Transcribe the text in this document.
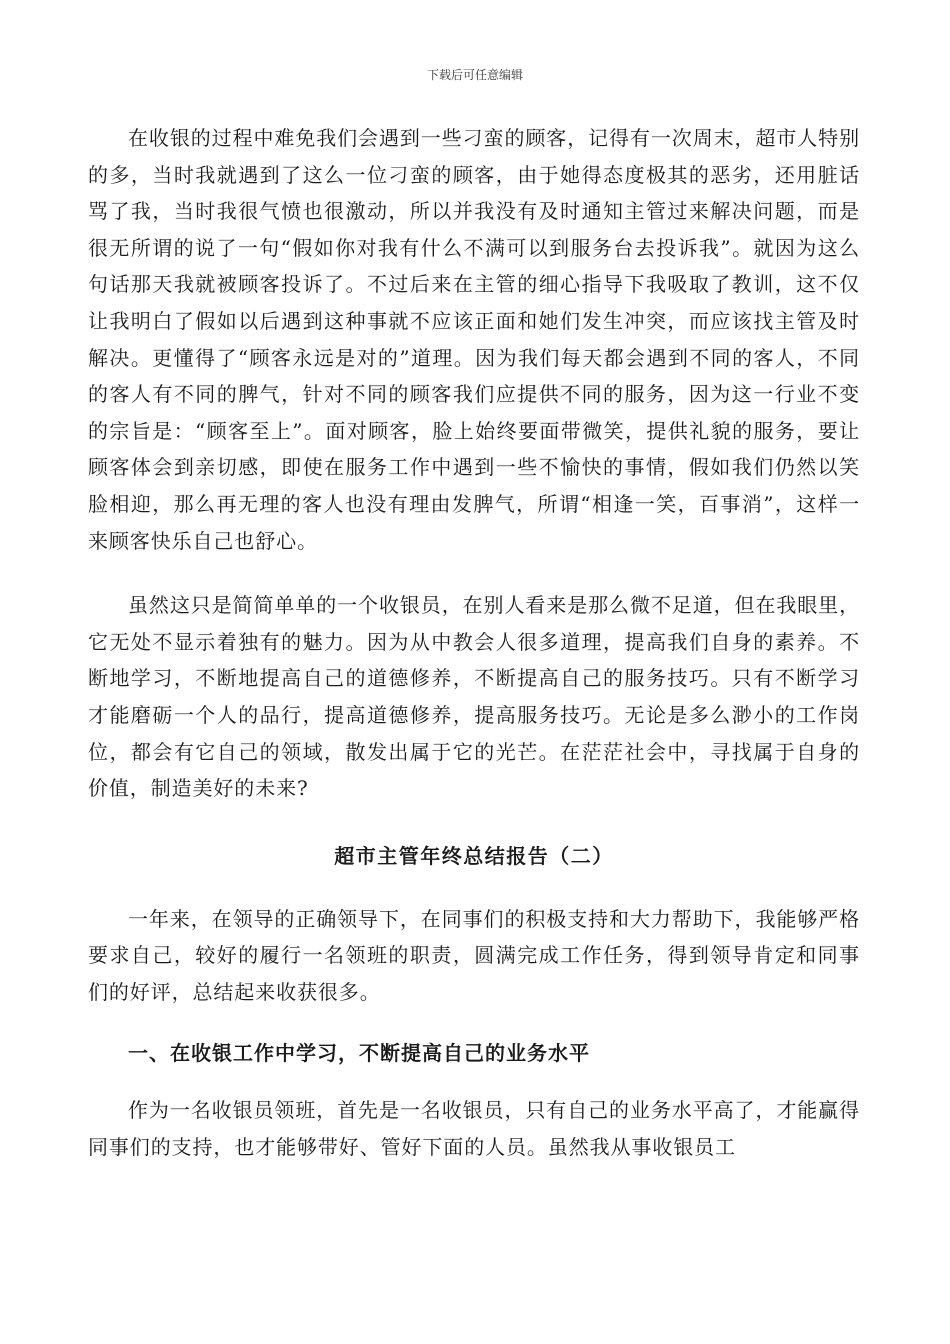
下载后可任意编辑

在收银的过程中难免我们会遇到一些刁蛮的顾客，记得有一次周末，超市人特别的多，当时我就遇到了这么一位刁蛮的顾客，由于她得态度极其的恶劣，还用脏话骂了我，当时我很气愤也很激动，所以并我没有及时通知主管过来解决问题，而是很无所谓的说了一句“假如你对我有什么不满可以到服务台去投诉我”。就因为这么句话那天我就被顾客投诉了。不过后来在主管的细心指导下我吸取了教训，这不仅让我明白了假如以后遇到这种事就不应该正面和她们发生冲突，而应该找主管及时解决。更懂得了“顾客永远是对的”道理。因为我们每天都会遇到不同的客人，不同的客人有不同的脾气，针对不同的顾客我们应提供不同的服务，因为这一行业不变的宗旨是：“顾客至上”。面对顾客，脸上始终要面带微笑，提供礼貌的服务，要让顾客体会到亲切感，即使在服务工作中遇到一些不愉快的事情，假如我们仍然以笑脸相迎，那么再无理的客人也没有理由发脾气，所谓“相逢一笑，百事消”，这样一来顾客快乐自己也舒心。

虽然这只是简简单单的一个收银员，在别人看来是那么微不足道，但在我眼里，它无处不显示着独有的魅力。因为从中教会人很多道理，提高我们自身的素养。不断地学习，不断地提高自己的道德修养，不断提高自己的服务技巧。只有不断学习才能磨砺一个人的品行，提高道德修养，提高服务技巧。无论是多么渺小的工作岗位，都会有它自己的领域，散发出属于它的光芒。在茫茫社会中，寻找属于自身的价值，制造美好的未来?

超市主管年终总结报告（二）

一年来，在领导的正确领导下，在同事们的积极支持和大力帮助下，我能够严格要求自己，较好的履行一名领班的职责，圆满完成工作任务，得到领导肯定和同事们的好评，总结起来收获很多。

一、在收银工作中学习，不断提高自己的业务水平

作为一名收银员领班，首先是一名收银员，只有自己的业务水平高了，才能赢得同事们的支持，也才能够带好、管好下面的人员。虽然我从事收银员工
